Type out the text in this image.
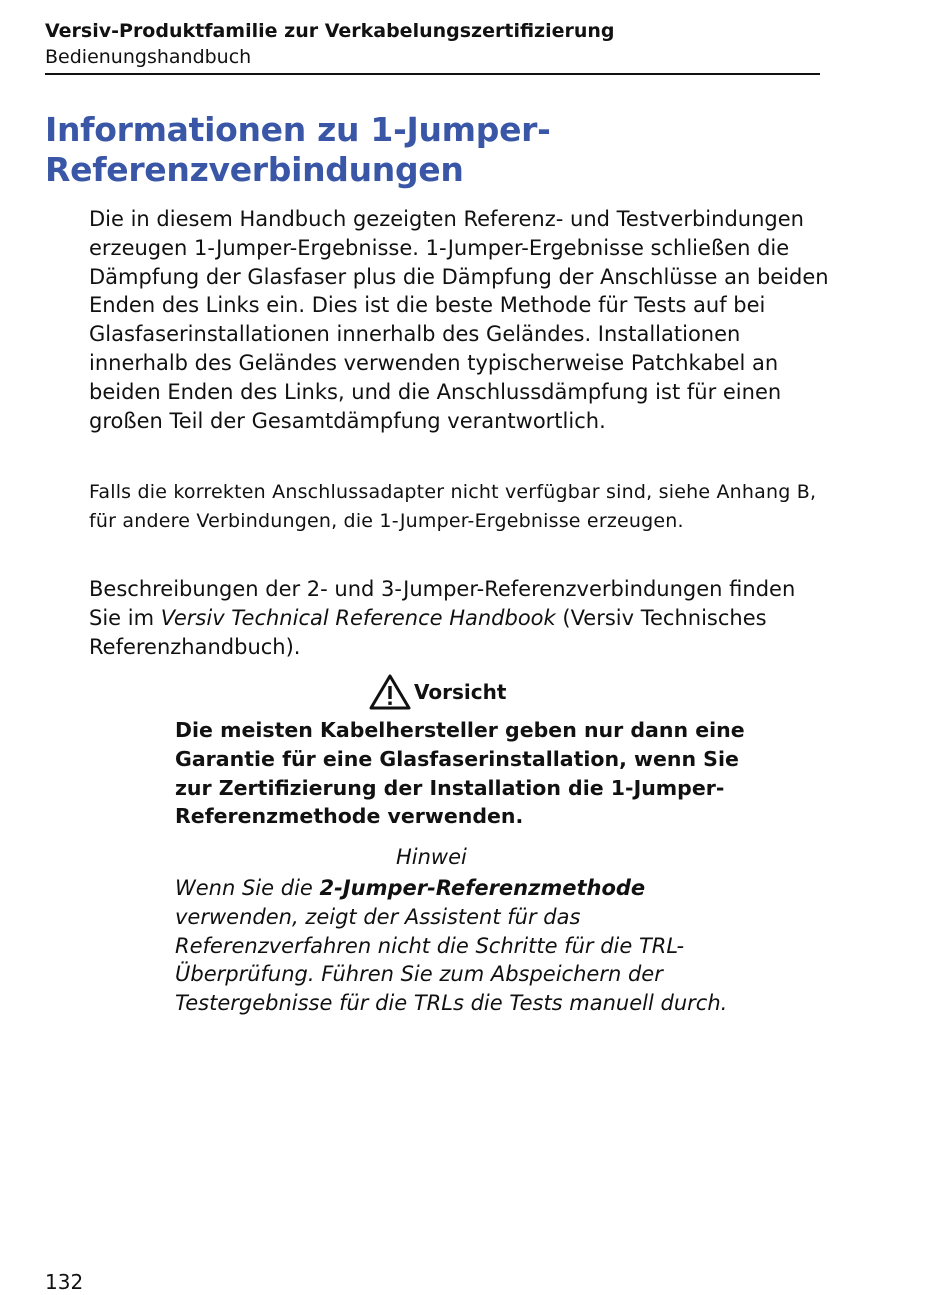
Versiv-Produktfamilie zur Verkabelungszertifizierung

Bedienungshandbuch

Informationen zu 1-Jumper-Referenzverbindungen

Die in diesem Handbuch gezeigten Referenz- und Testverbindungen erzeugen 1-Jumper-Ergebnisse. 1-Jumper-Ergebnisse schließen die Dämpfung der Glasfaser plus die Dämpfung der Anschlüsse an beiden Enden des Links ein. Dies ist die beste Methode für Tests auf bei Glasfaserinstallationen innerhalb des Geländes. Installationen innerhalb des Geländes verwenden typischerweise Patchkabel an beiden Enden des Links, und die Anschlussdämpfung ist für einen großen Teil der Gesamtdämpfung verantwortlich.

Falls die korrekten Anschlussadapter nicht verfügbar sind, siehe Anhang B, für andere Verbindungen, die 1-Jumper-Ergebnisse erzeugen.

Beschreibungen der 2- und 3-Jumper-Referenzverbindungen finden Sie im Versiv Technical Reference Handbook (Versiv Technisches Referenzhandbuch).

Vorsicht

Die meisten Kabelhersteller geben nur dann eine Garantie für eine Glasfaserinstallation, wenn Sie zur Zertifizierung der Installation die 1-Jumper-Referenzmethode verwenden.

Hinwei

Wenn Sie die 2-Jumper-Referenzmethode verwenden, zeigt der Assistent für das Referenzverfahren nicht die Schritte für die TRL-Überprüfung. Führen Sie zum Abspeichern der Testergebnisse für die TRLs die Tests manuell durch.

132
